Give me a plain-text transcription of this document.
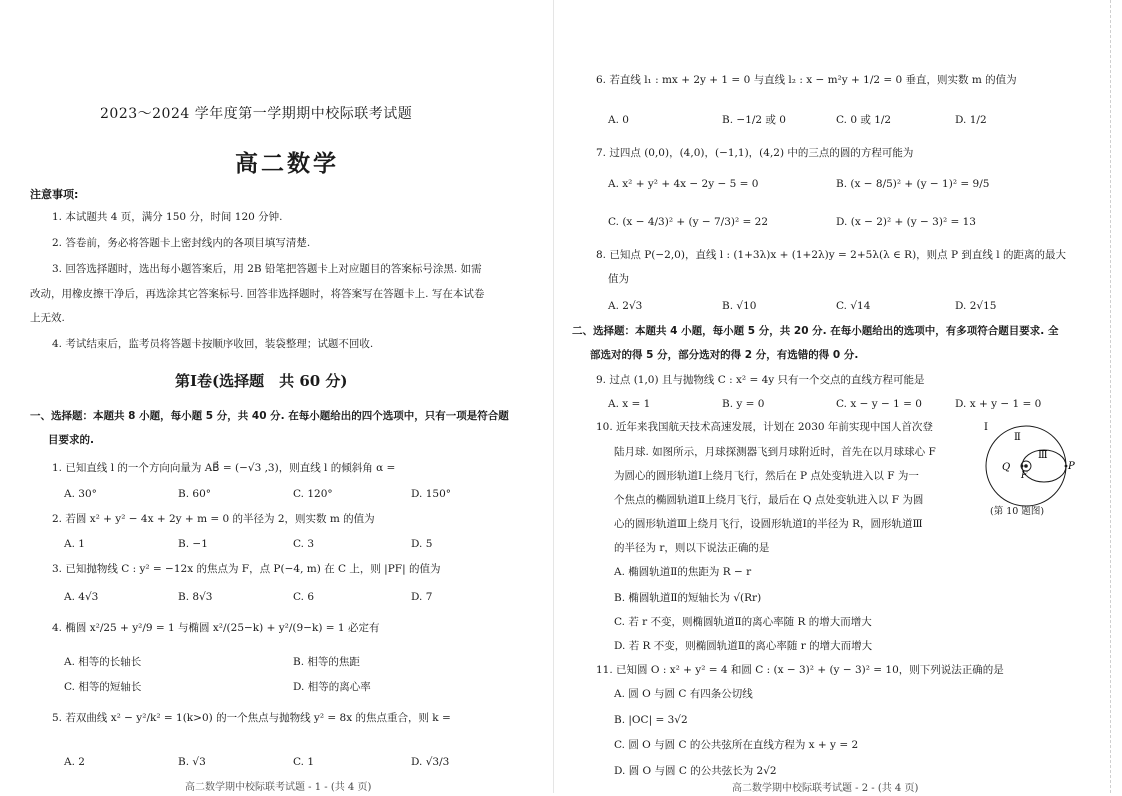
2023～2024 学年度第一学期期中校际联考试题
高二数学
注意事项:
1. 本试题共 4 页，满分 150 分，时间 120 分钟.
2. 答卷前，务必将答题卡上密封线内的各项目填写清楚.
3. 回答选择题时，选出每小题答案后，用 2B 铅笔把答题卡上对应题目的答案标号涂黑. 如需
改动，用橡皮擦干净后，再选涂其它答案标号. 回答非选择题时，将答案写在答题卡上. 写在本试卷
上无效.
4. 考试结束后，监考员将答题卡按顺序收回，装袋整理；试题不回收.
第Ⅰ卷(选择题　共 60 分)
一、选择题：本题共 8 小题，每小题 5 分，共 40 分. 在每小题给出的四个选项中，只有一项是符合题
目要求的.
1. 已知直线 l 的一个方向向量为 AB⃗ = (−√3 ,3)，则直线 l 的倾斜角 α =
A. 30°	B. 60°	C. 120°	D. 150°
2. 若圆 x² + y² − 4x + 2y + m = 0 的半径为 2，则实数 m 的值为
A. 1	B. −1	C. 3	D. 5
3. 已知抛物线 C : y² = −12x 的焦点为 F，点 P(−4, m) 在 C 上，则 |PF| 的值为
A. 4√3	B. 8√3	C. 6	D. 7
4. 椭圆 x²/25 + y²/9 = 1 与椭圆 x²/(25−k) + y²/(9−k) = 1 必定有
A. 相等的长轴长	B. 相等的焦距
C. 相等的短轴长	D. 相等的离心率
5. 若双曲线 x² − y²/k² = 1(k>0) 的一个焦点与抛物线 y² = 8x 的焦点重合，则 k =
A. 2	B. √3	C. 1	D. √3/3
高二数学期中校际联考试题 - 1 - (共 4 页)
6. 若直线 l₁ : mx + 2y + 1 = 0 与直线 l₂ : x − m²y + 1/2 = 0 垂直，则实数 m 的值为
A. 0	B. −1/2 或 0	C. 0 或 1/2	D. 1/2
7. 过四点 (0,0)，(4,0)，(−1,1)，(4,2) 中的三点的圆的方程可能为
A. x² + y² + 4x − 2y − 5 = 0	B. (x − 8/5)² + (y − 1)² = 9/5
C. (x − 4/3)² + (y − 7/3)² = 22	D. (x − 2)² + (y − 3)² = 13
8. 已知点 P(−2,0)，直线 l : (1+3λ)x + (1+2λ)y = 2+5λ(λ ∈ R)，则点 P 到直线 l 的距离的最大
值为
A. 2√3	B. √10	C. √14	D. 2√15
二、选择题：本题共 4 小题，每小题 5 分，共 20 分. 在每小题给出的选项中，有多项符合题目要求. 全
部选对的得 5 分，部分选对的得 2 分，有选错的得 0 分.
9. 过点 (1,0) 且与抛物线 C : x² = 4y 只有一个交点的直线方程可能是
A. x = 1	B. y = 0	C. x − y − 1 = 0	D. x + y − 1 = 0
10. 近年来我国航天技术高速发展，计划在 2030 年前实现中国人首次登
陆月球. 如图所示，月球探测器飞到月球附近时，首先在以月球球心 F
为圆心的圆形轨道Ⅰ上绕月飞行，然后在 P 点处变轨进入以 F 为一
个焦点的椭圆轨道Ⅱ上绕月飞行，最后在 Q 点处变轨进入以 F 为圆
心的圆形轨道Ⅲ上绕月飞行，设圆形轨道Ⅰ的半径为 R，圆形轨道Ⅲ
的半径为 r，则以下说法正确的是
A. 椭圆轨道Ⅱ的焦距为 R − r
B. 椭圆轨道Ⅱ的短轴长为 √(Rr)
C. 若 r 不变，则椭圆轨道Ⅱ的离心率随 R 的增大而增大
D. 若 R 不变，则椭圆轨道Ⅱ的离心率随 r 的增大而增大
Ⅰ
Ⅱ
Ⅲ
Q
F
P
(第 10 题图)
11. 已知圆 O : x² + y² = 4 和圆 C : (x − 3)² + (y − 3)² = 10，则下列说法正确的是
A. 圆 O 与圆 C 有四条公切线
B. |OC| = 3√2
C. 圆 O 与圆 C 的公共弦所在直线方程为 x + y = 2
D. 圆 O 与圆 C 的公共弦长为 2√2
高二数学期中校际联考试题 - 2 - (共 4 页)
